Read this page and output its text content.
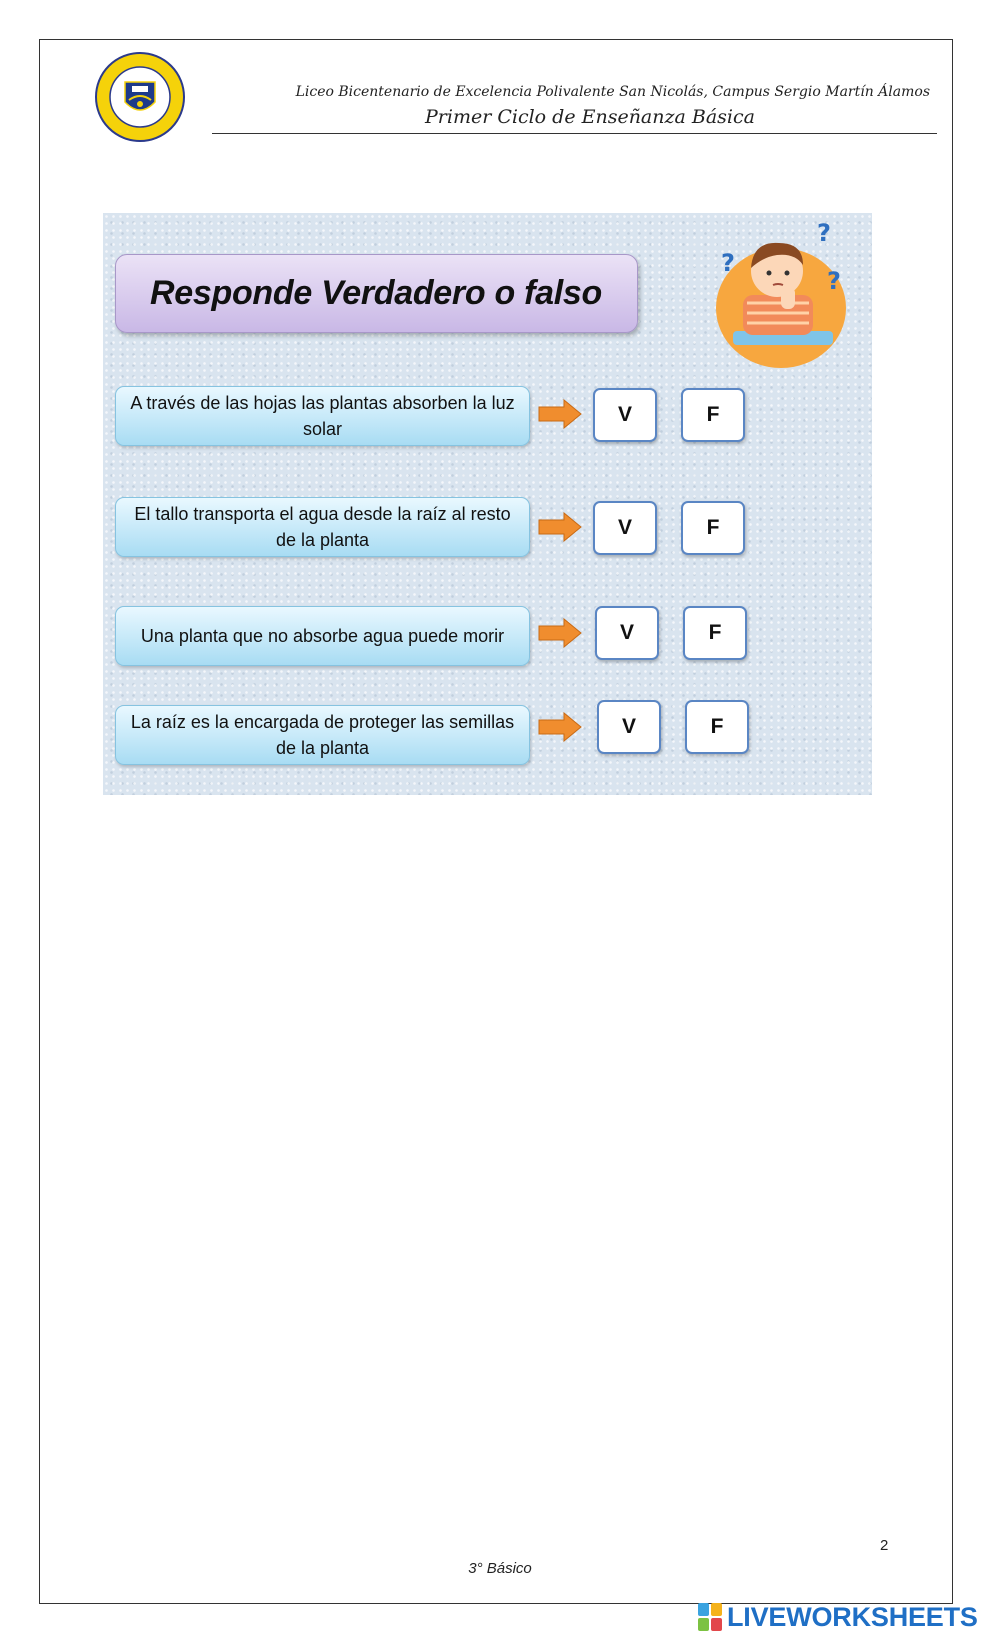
Liceo Bicentenario de Excelencia Polivalente San Nicolás, Campus Sergio Martín Álamos
Primer Ciclo de Enseñanza Básica
Responde Verdadero o falso
?
?
?
A través de las hojas las plantas absorben la luz solar
V	F
El tallo transporta el agua desde la raíz al resto de la planta
V	F
Una planta que no absorbe agua puede morir	V	F
La raíz es la encargada de proteger las semillas de la planta
V	F
2
3° Básico
LIVEWORKSHEETS
